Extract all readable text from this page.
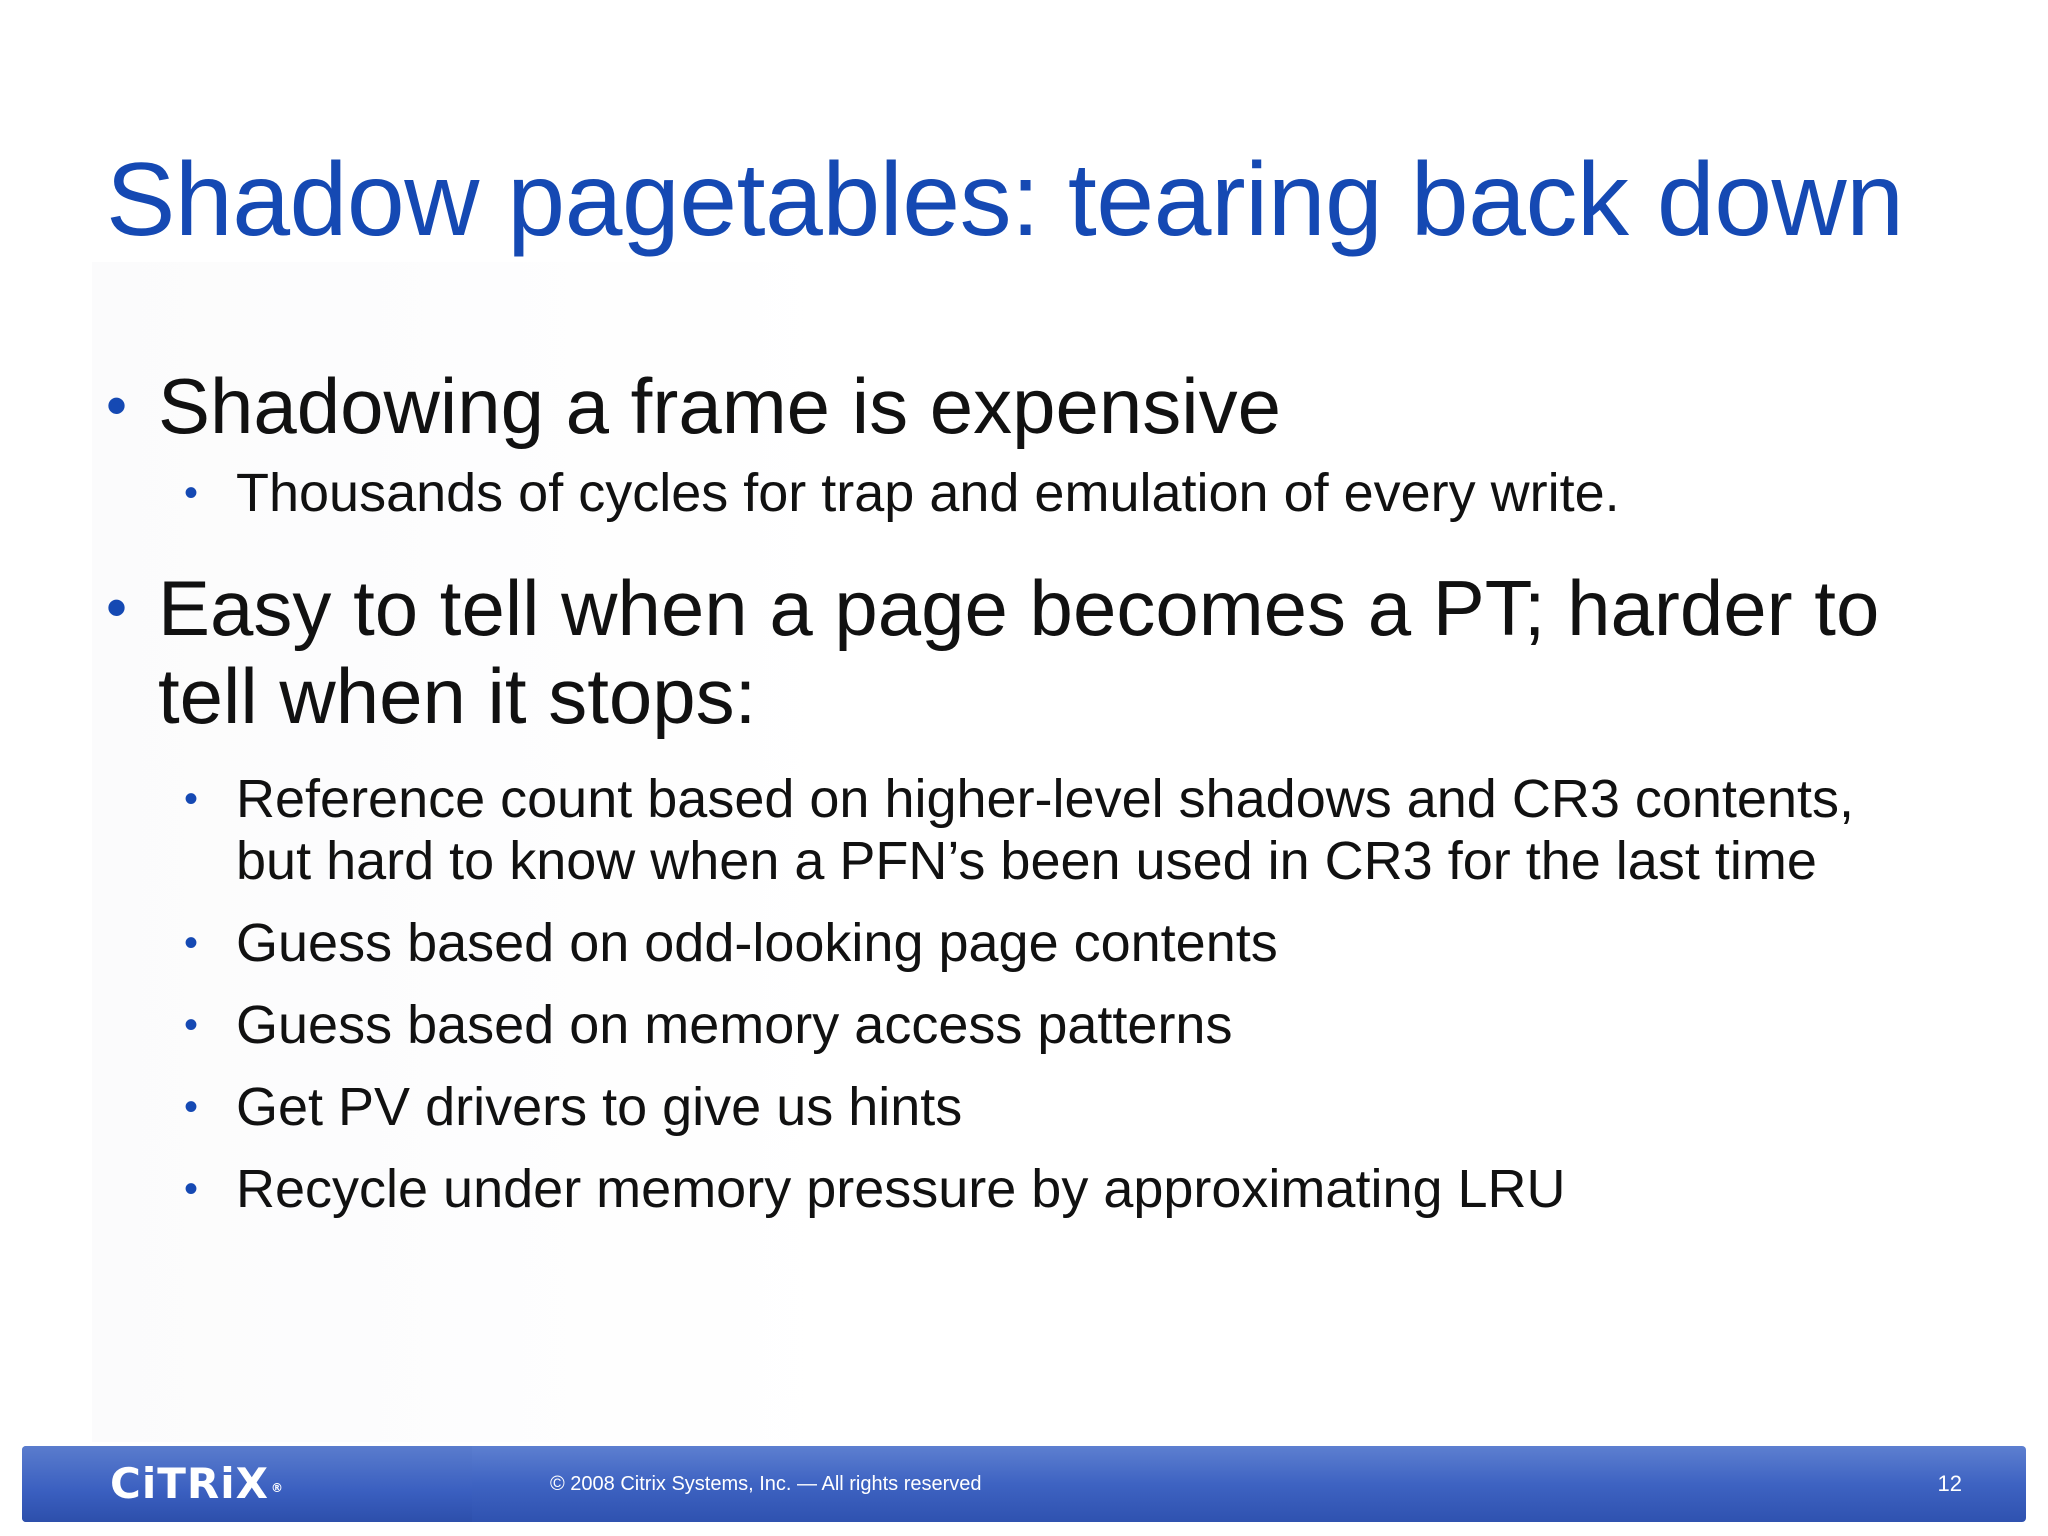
Shadow pagetables: tearing back down
• Shadowing a frame is expensive
• Thousands of cycles for trap and emulation of every write.
• Easy to tell when a page becomes a PT; harder to
tell when it stops:
• Reference count based on higher-level shadows and CR3 contents,
but hard to know when a PFN’s been used in CR3 for the last time
• Guess based on odd-looking page contents
• Guess based on memory access patterns
• Get PV drivers to give us hints
• Recycle under memory pressure by approximating LRU
CiTRiX ®	© 2008 Citrix Systems, Inc. — All rights reserved	12
